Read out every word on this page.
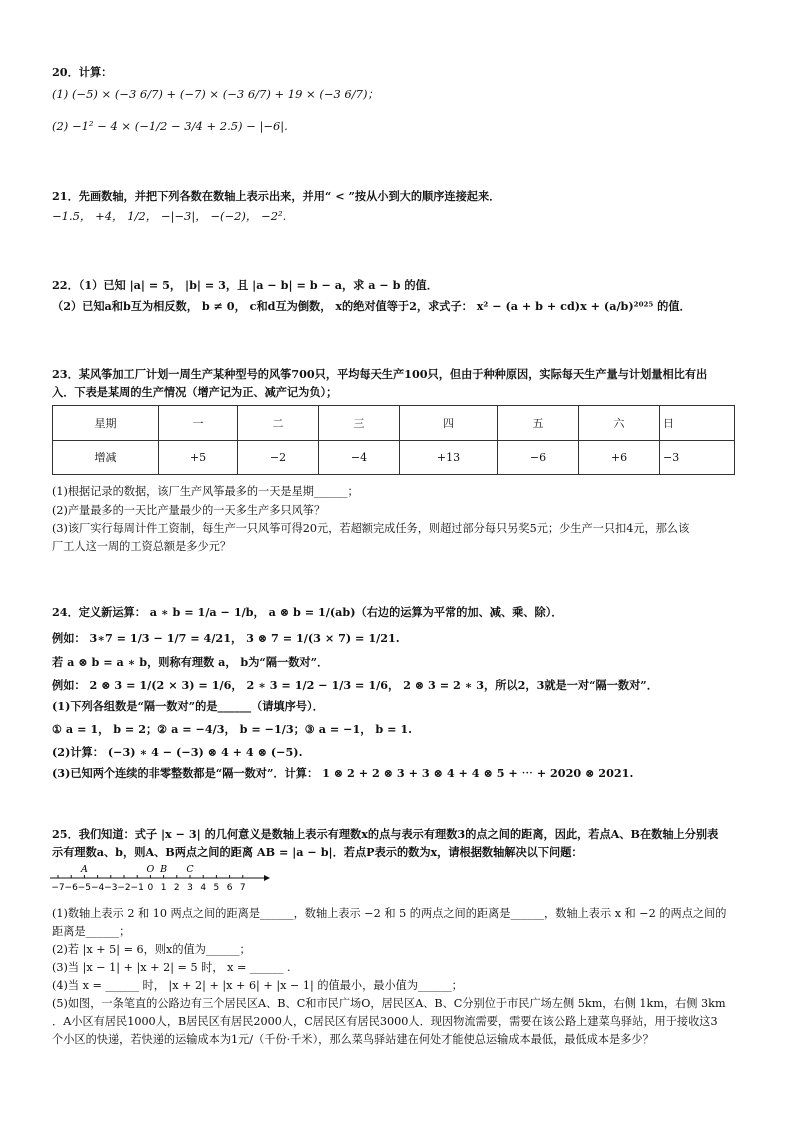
20．计算：
(1) (−5) × (−3 6/7) + (−7) × (−3 6/7) + 19 × (−3 6/7)；
(2) −1² − 4 × (−1/2 − 3/4 + 2.5) − |−6|.
21．先画数轴，并把下列各数在数轴上表示出来，并用“ < ”按从小到大的顺序连接起来．
−1.5， +4， 1/2， −|−3|， −(−2)， −2².
22．（1）已知 |a| = 5， |b| = 3，且 |a − b| = b − a，求 a − b 的值．
（2）已知a和b互为相反数， b ≠ 0， c和d互为倒数， x的绝对值等于2，求式子： x² − (a + b + cd)x + (a/b)²⁰²⁵ 的值．
23．某风筝加工厂计划一周生产某种型号的风筝700只，平均每天生产100只，但由于种种原因，实际每天生产量与计划量相比有出
入．下表是某周的生产情况（增产记为正、减产记为负）；
星期	一	二	三	四	五	六	日
增减	+5	−2	−4	+13	−6	+6	−3
(1)根据记录的数据，该厂生产风筝最多的一天是星期______；
(2)产量最多的一天比产量最少的一天多生产多只风筝？
(3)该厂实行每周计件工资制，每生产一只风筝可得20元，若超额完成任务，则超过部分每只另奖5元；少生产一只扣4元，那么该
厂工人这一周的工资总额是多少元？
24．定义新运算： a ∗ b = 1/a − 1/b， a ⊗ b = 1/(ab)（右边的运算为平常的加、减、乘、除）．
例如： 3∗7 = 1/3 − 1/7 = 4/21， 3 ⊗ 7 = 1/(3 × 7) = 1/21.
若 a ⊗ b = a ∗ b，则称有理数 a， b为“隔一数对”．
例如： 2 ⊗ 3 = 1/(2 × 3) = 1/6， 2 ∗ 3 = 1/2 − 1/3 = 1/6， 2 ⊗ 3 = 2 ∗ 3，所以2，3就是一对“隔一数对”．
(1)下列各组数是“隔一数对”的是______（请填序号）．
① a = 1， b = 2；② a = −4/3， b = −1/3；③ a = −1， b = 1.
(2)计算： (−3) ∗ 4 − (−3) ⊗ 4 + 4 ⊗ (−5).
(3)已知两个连续的非零整数都是“隔一数对”．计算： 1 ⊗ 2 + 2 ⊗ 3 + 3 ⊗ 4 + 4 ⊗ 5 + ⋯ + 2020 ⊗ 2021.
25．我们知道：式子 |x − 3| 的几何意义是数轴上表示有理数x的点与表示有理数3的点之间的距离，因此，若点A、B在数轴上分别表
示有理数a、b，则A、B两点之间的距离 AB = |a − b|．若点P表示的数为x，请根据数轴解决以下问题：
−7 −6 −5 −4 −3 −2 −1 0 1 2 3 4 5 6 7
A	O B C
(1)数轴上表示 2 和 10 两点之间的距离是______，数轴上表示 −2 和 5 的两点之间的距离是______，数轴上表示 x 和 −2 的两点之间的
距离是______；
(2)若 |x + 5| = 6，则x的值为______；
(3)当 |x − 1| + |x + 2| = 5 时， x = ______ .
(4)当 x = ______ 时， |x + 2| + |x + 6| + |x − 1| 的值最小，最小值为______；
(5)如图，一条笔直的公路边有三个居民区A、B、C和市民广场O，居民区A、B、C分别位于市民广场左侧 5km，右侧 1km，右侧 3km
．A小区有居民1000人，B居民区有居民2000人，C居民区有居民3000人．现因物流需要，需要在该公路上建菜鸟驿站，用于接收这3
个小区的快递，若快递的运输成本为1元/（千份·千米），那么菜鸟驿站建在何处才能使总运输成本最低，最低成本是多少？
